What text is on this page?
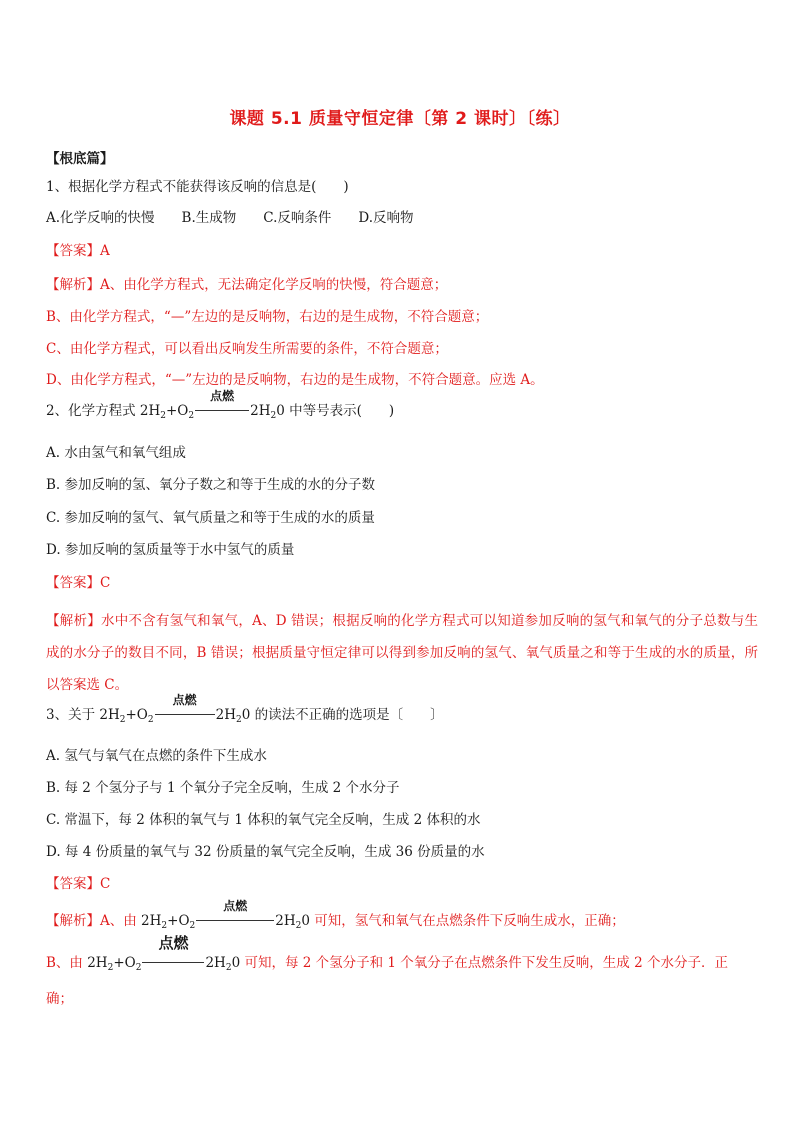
课题 5.1 质量守恒定律〔第 2 课时〕〔练〕
【根底篇】
1、根据化学方程式不能获得该反响的信息是(　　)
A.化学反响的快慢　　B.生成物　　C.反响条件　　D.反响物
【答案】A
【解析】A、由化学方程式，无法确定化学反响的快慢，符合题意；
B、由化学方程式，“—”左边的是反响物，右边的是生成物，不符合题意；
C、由化学方程式，可以看出反响发生所需要的条件，不符合题意；
D、由化学方程式，“—”左边的是反响物，右边的是生成物，不符合题意。应选 A。
2、化学方程式 $2H_2+O_2$
点燃
$2H_20$ 中等号表示(　　)
A. 水由氢气和氧气组成
B. 参加反响的氢、氧分子数之和等于生成的水的分子数
C. 参加反响的氢气、氧气质量之和等于生成的水的质量
D. 参加反响的氢质量等于水中氢气的质量
【答案】C
【解析】水中不含有氢气和氧气，A、D 错误；根据反响的化学方程式可以知道参加反响的氢气和氧气的分子总数与生成的水分子的数目不同，B 错误；根据质量守恒定律可以得到参加反响的氢气、氧气质量之和等于生成的水的质量，所以答案选 C。
3、关于 $2H_2+O_2$
点燃
$2H_20$ 的读法不正确的选项是〔　　〕
A. 氢气与氧气在点燃的条件下生成水
B. 每 2 个氢分子与 1 个氧分子完全反响，生成 2 个水分子
C. 常温下，每 2 体积的氧气与 1 体积的氧气完全反响，生成 2 体积的水
D. 每 4 份质量的氧气与 32 份质量的氧气完全反响，生成 36 份质量的水
【答案】C
【解析】A、由 $2H_2+O_2$
点燃
$2H_20$ 可知，氢气和氧气在点燃条件下反响生成水，正确；
B、由 $2H_2+O_2$
点燃
$2H_20$ 可知，每 2 个氢分子和 1 个氧分子在点燃条件下发生反响，生成 2 个水分子．正
确；
